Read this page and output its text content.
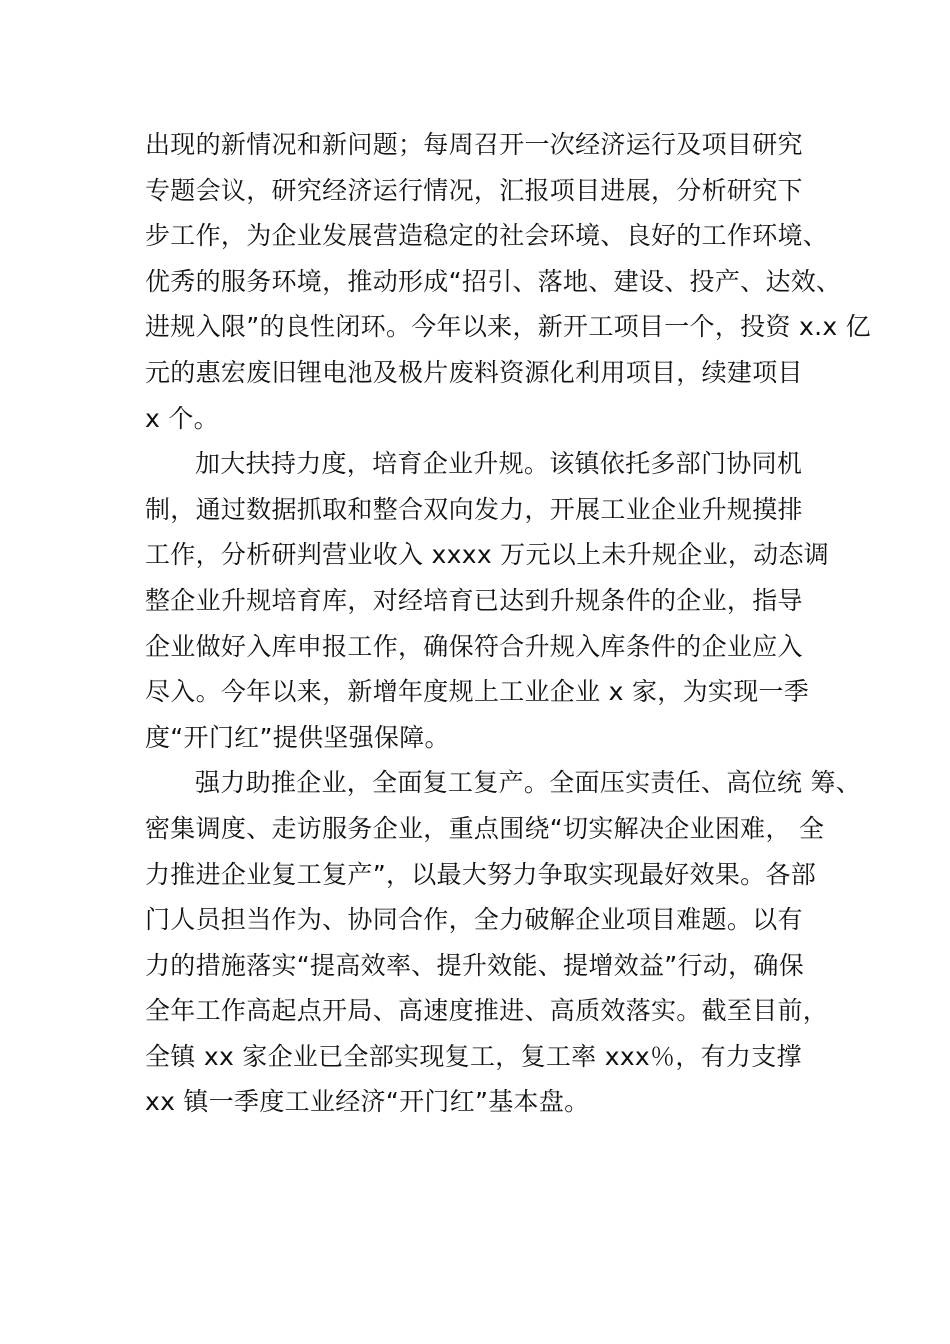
出现的新情况和新问题；每周召开一次经济运行及项目研究
专题会议，研究经济运行情况，汇报项目进展，分析研究下
步工作，为企业发展营造稳定的社会环境、良好的工作环境、
优秀的服务环境，推动形成“招引、落地、建设、投产、达效、
进规入限”的良性闭环。今年以来，新开工项目一个，投资 x.x 亿
元的惠宏废旧锂电池及极片废料资源化利用项目，续建项目
x 个。
加大扶持力度，培育企业升规。该镇依托多部门协同机
制，通过数据抓取和整合双向发力，开展工业企业升规摸排
工作，分析研判营业收入 xxxx 万元以上未升规企业，动态调
整企业升规培育库，对经培育已达到升规条件的企业，指导
企业做好入库申报工作，确保符合升规入库条件的企业应入
尽入。今年以来，新增年度规上工业企业 x 家，为实现一季
度“开门红”提供坚强保障。
强力助推企业，全面复工复产。全面压实责任、高位统 筹、
密集调度、走访服务企业，重点围绕“切实解决企业困难， 全
力推进企业复工复产”，以最大努力争取实现最好效果。各部
门人员担当作为、协同合作，全力破解企业项目难题。以有
力的措施落实“提高效率、提升效能、提增效益”行动，确保
全年工作高起点开局、高速度推进、高质效落实。截至目前，
全镇 xx 家企业已全部实现复工，复工率 xxx％，有力支撑
xx 镇一季度工业经济“开门红”基本盘。
